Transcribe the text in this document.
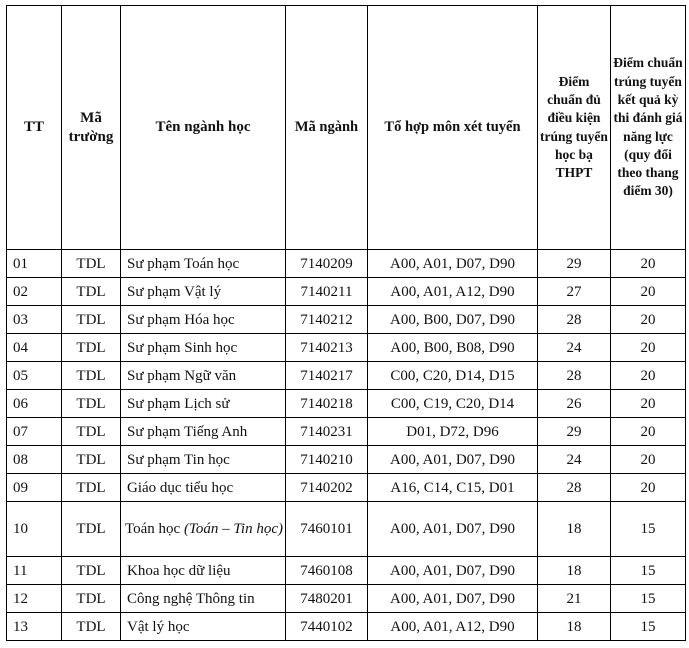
TT	Mã trường	Tên ngành học	Mã ngành	Tổ hợp môn xét tuyển	Điểm chuẩn đủ điều kiện trúng tuyển học bạ THPT	Điểm chuẩn trúng tuyển kết quả kỳ thi đánh giá năng lực (quy đổi theo thang điểm 30)
01	TDL	Sư phạm Toán học	7140209	A00, A01, D07, D90	29	20
02	TDL	Sư phạm Vật lý	7140211	A00, A01, A12, D90	27	20
03	TDL	Sư phạm Hóa học	7140212	A00, B00, D07, D90	28	20
04	TDL	Sư phạm Sinh học	7140213	A00, B00, B08, D90	24	20
05	TDL	Sư phạm Ngữ văn	7140217	C00, C20, D14, D15	28	20
06	TDL	Sư phạm Lịch sử	7140218	C00, C19, C20, D14	26	20
07	TDL	Sư phạm Tiếng Anh	7140231	D01, D72, D96	29	20
08	TDL	Sư phạm Tin học	7140210	A00, A01, D07, D90	24	20
09	TDL	Giáo dục tiểu học	7140202	A16, C14, C15, D01	28	20
10	TDL	Toán học (Toán – Tin học)	7460101	A00, A01, D07, D90	18	15
11	TDL	Khoa học dữ liệu	7460108	A00, A01, D07, D90	18	15
12	TDL	Công nghệ Thông tin	7480201	A00, A01, D07, D90	21	15
13	TDL	Vật lý học	7440102	A00, A01, A12, D90	18	15
